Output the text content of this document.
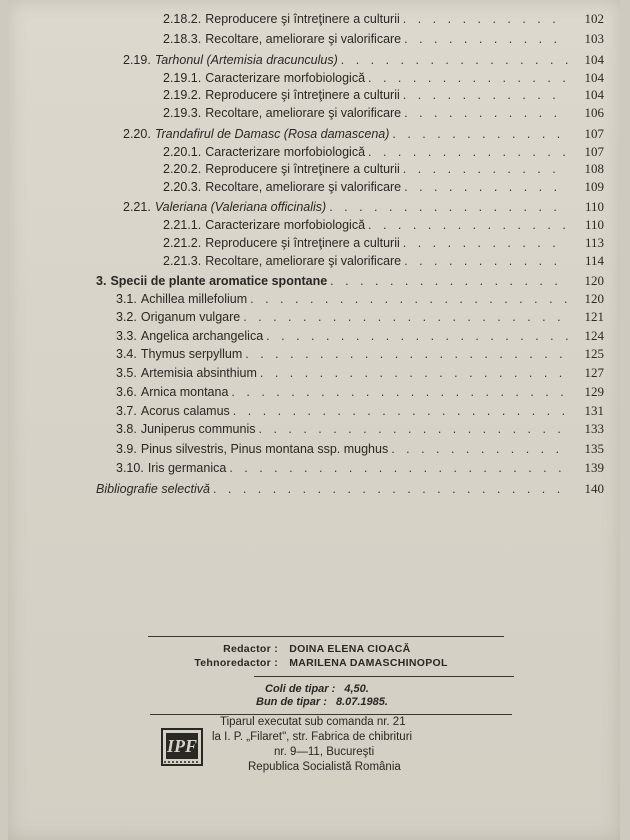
2.18.2. Reproducere şi întreţinere a culturii . . .	102
2.18.3. Recoltare, ameliorare şi valorificare . . .	103
2.19. Tarhonul (Artemisia dracunculus) . . .	104
2.19.1. Caracterizare morfobiologică . . .	104
2.19.2. Reproducere şi întreţinere a culturii . . .	104
2.19.3. Recoltare, ameliorare şi valorificare . . .	106
2.20. Trandafirul de Damasc (Rosa damascena) . . .	107
2.20.1. Caracterizare morfobiologică . . .	107
2.20.2. Reproducere şi întreţinere a culturii . . .	108
2.20.3. Recoltare, ameliorare şi valorificare . . .	109
2.21. Valeriana (Valeriana officinalis) . . .	110
2.21.1. Caracterizare morfobiologică . . .	110
2.21.2. Reproducere şi întreţinere a culturii . . .	113
2.21.3. Recoltare, ameliorare şi valorificare . . .	114
3. Specii de plante aromatice spontane . . .	120
3.1. Achillea millefolium . . .	120
3.2. Origanum vulgare . . .	121
3.3. Angelica archangelica . . .	124
3.4. Thymus serpyllum . . .	125
3.5. Artemisia absinthium . . .	127
3.6. Arnica montana . . .	129
3.7. Acorus calamus . . .	131
3.8. Juniperus communis . . .	133
3.9. Pinus silvestris, Pinus montana ssp. mughus . . .	135
3.10. Iris germanica . . .	139
Bibliografie selectivă . . .	140
Redactor : DOINA ELENA CIOACĂ
Tehnoredactor : MARILENA DAMASCHINOPOL
Coli de tipar : 4,50.
Bun de tipar : 8.07.1985.
IPF
Tiparul executat sub comanda nr. 21
la I. P. „Filaret", str. Fabrica de chibrituri
nr. 9—11, Bucureşti
Republica Socialistă România
